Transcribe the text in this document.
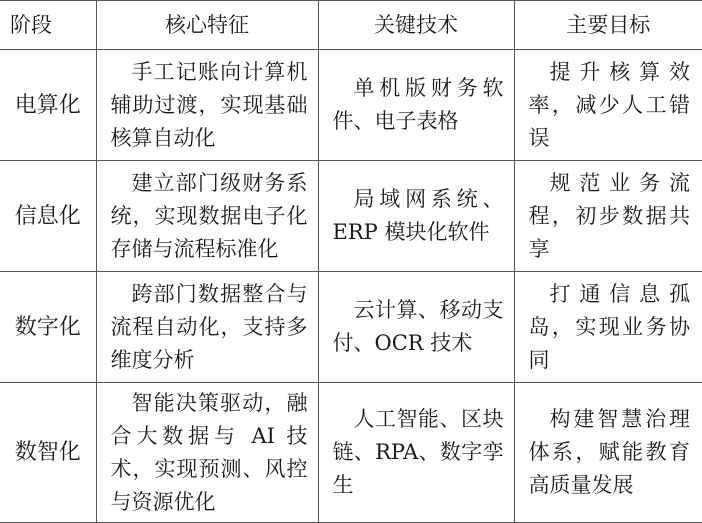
阶段	核心特征	关键技术	主要目标
电算化	手工记账向计算机辅助过渡，实现基础核算自动化	单机版财务软件、电子表格	提升核算效率，减少人工错误
信息化	建立部门级财务系统，实现数据电子化存储与流程标准化	局域网系统、ERP 模块化软件	规范业务流程，初步数据共享
数字化	跨部门数据整合与流程自动化，支持多维度分析	云计算、移动支付、OCR 技术	打通信息孤岛，实现业务协同
数智化	智能决策驱动，融合大数据与 AI 技术，实现预测、风控与资源优化	人工智能、区块链、RPA、数字孪生	构建智慧治理体系，赋能教育高质量发展
